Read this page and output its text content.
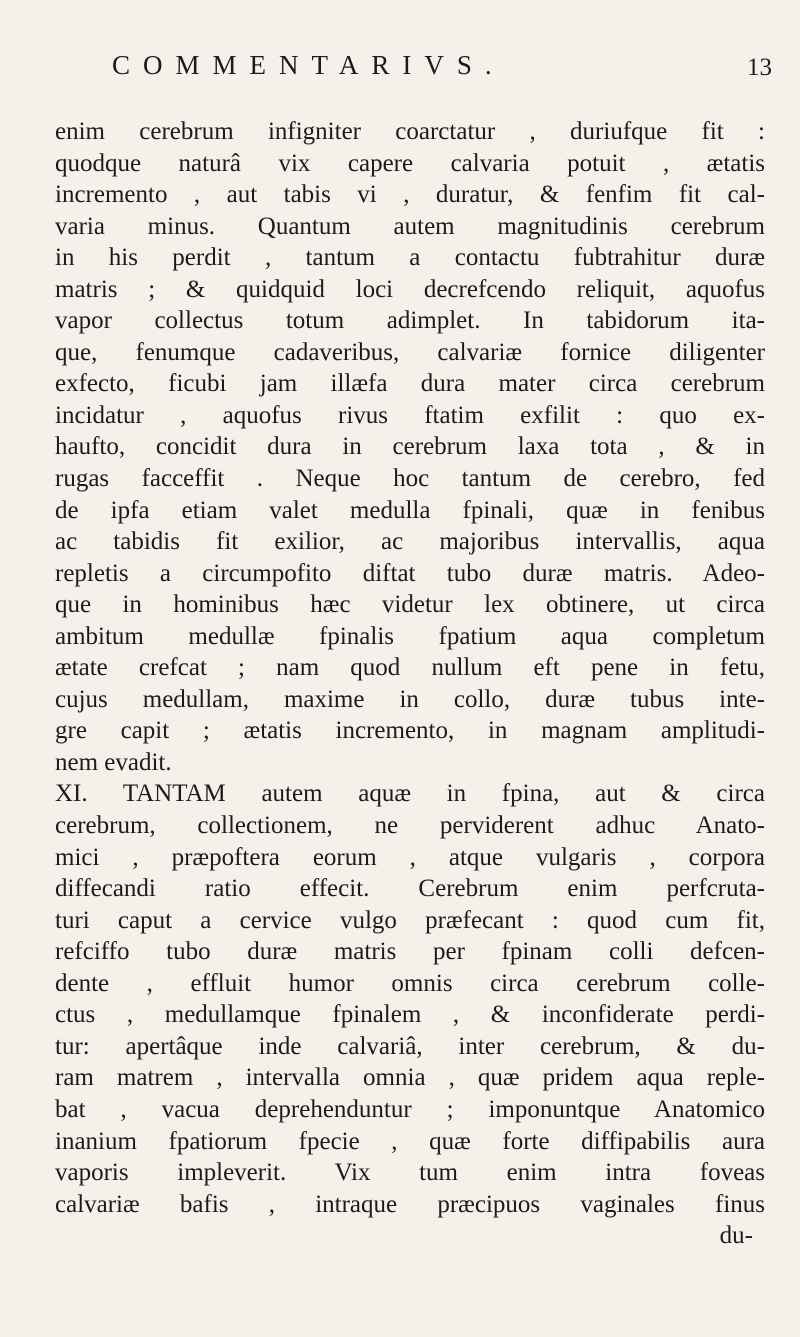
COMMENTARIVS.	13
enim cerebrum infigniter coarctatur , duriufque fit :
quodque naturâ vix capere calvaria potuit , ætatis
incremento , aut tabis vi , duratur, & fenfim fit cal-
varia minus. Quantum autem magnitudinis cerebrum
in his perdit , tantum a contactu fubtrahitur duræ
matris ; & quidquid loci decrefcendo reliquit, aquofus
vapor collectus totum adimplet. In tabidorum ita-
que, fenumque cadaveribus, calvariæ fornice diligenter
exfecto, ficubi jam illæfa dura mater circa cerebrum
incidatur , aquofus rivus ftatim exfilit : quo ex-
haufto, concidit dura in cerebrum laxa tota , & in
rugas facceffit . Neque hoc tantum de cerebro, fed
de ipfa etiam valet medulla fpinali, quæ in fenibus
ac tabidis fit exilior, ac majoribus intervallis, aqua
repletis a circumpofito diftat tubo duræ matris. Adeo-
que in hominibus hæc videtur lex obtinere, ut circa
ambitum medullæ fpinalis fpatium aqua completum
ætate crefcat ; nam quod nullum eft pene in fetu,
cujus medullam, maxime in collo, duræ tubus inte-
gre capit ; ætatis incremento, in magnam amplitudi-
nem evadit.
XI. TANTAM autem aquæ in fpina, aut & circa
cerebrum, collectionem, ne perviderent adhuc Anato-
mici , præpoftera eorum , atque vulgaris , corpora
diffecandi ratio effecit. Cerebrum enim perfcruta-
turi caput a cervice vulgo præfecant : quod cum fit,
refciffo tubo duræ matris per fpinam colli defcen-
dente , effluit humor omnis circa cerebrum colle-
ctus , medullamque fpinalem , & inconfiderate perdi-
tur: apertâque inde calvariâ, inter cerebrum, & du-
ram matrem , intervalla omnia , quæ pridem aqua reple-
bat , vacua deprehenduntur ; imponuntque Anatomico
inanium fpatiorum fpecie , quæ forte diffipabilis aura
vaporis impleverit. Vix tum enim intra foveas
calvariæ bafis , intraque præcipuos vaginales finus
du-
